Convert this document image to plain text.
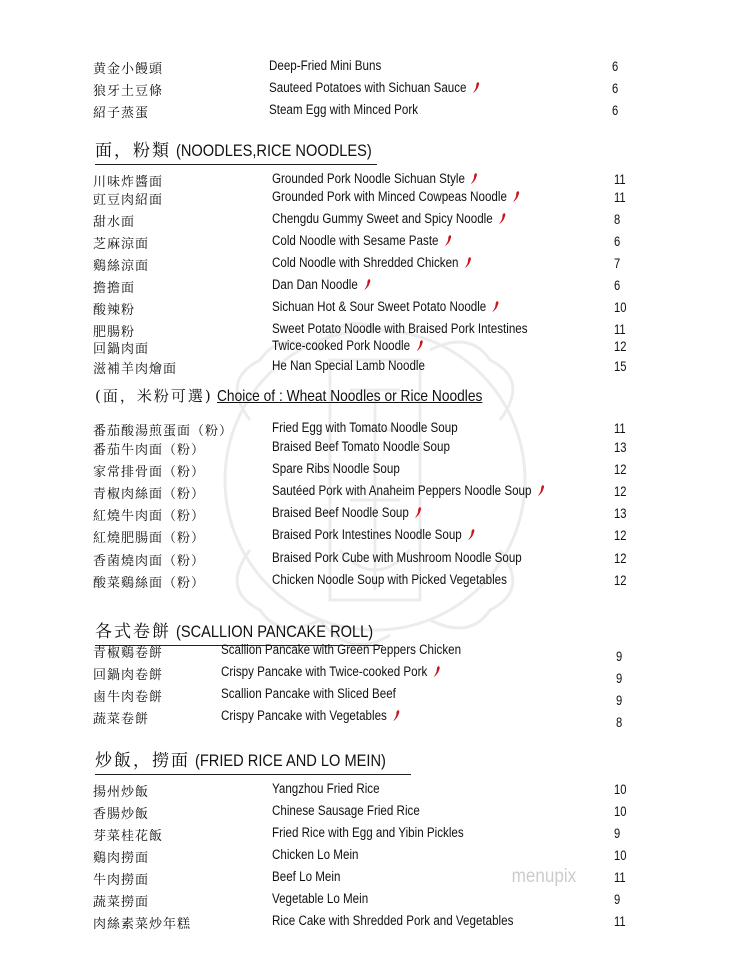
黄金小饅頭	Deep-Fried Mini Buns	6
狼牙土豆條	Sauteed Potatoes with Sichuan Sauce	6
紹子蒸蛋	Steam Egg with Minced Pork	6
面，粉類 (NOODLES,RICE NOODLES)
川味炸醬面	Grounded Pork Noodle Sichuan Style	11
豇豆肉紹面	Grounded Pork with Minced Cowpeas Noodle	11
甜水面	Chengdu Gummy Sweet and Spicy Noodle	8
芝麻涼面	Cold Noodle with Sesame Paste	6
鷄絲涼面	Cold Noodle with Shredded Chicken	7
擔擔面	Dan Dan Noodle	6
酸辣粉	Sichuan Hot & Sour Sweet Potato Noodle	10
肥腸粉	Sweet Potato Noodle with Braised Pork Intestines	11
回鍋肉面	Twice-cooked Pork Noodle	12
滋補羊肉燴面	He Nan Special Lamb Noodle	15
(面，米粉可選) Choice of : Wheat Noodles or Rice Noodles
番茄酸湯煎蛋面（粉）	Fried Egg with Tomato Noodle Soup	11
番茄牛肉面（粉）	Braised Beef Tomato Noodle Soup	13
家常排骨面（粉）	Spare Ribs Noodle Soup	12
青椒肉絲面（粉）	Sautéed Pork with Anaheim Peppers Noodle Soup	12
紅燒牛肉面（粉）	Braised Beef Noodle Soup	13
紅燒肥腸面（粉）	Braised Pork Intestines Noodle Soup	12
香菌燒肉面（粉）	Braised Pork Cube with Mushroom Noodle Soup	12
酸菜鷄絲面（粉）	Chicken Noodle Soup with Picked Vegetables	12
各式卷餅 (SCALLION PANCAKE ROLL)
青椒鷄卷餅	Scallion Pancake with Green Peppers Chicken	9
回鍋肉卷餅	Crispy Pancake with Twice-cooked Pork	9
鹵牛肉卷餅	Scallion Pancake with Sliced Beef	9
蔬菜卷餅	Crispy Pancake with Vegetables	8
炒飯，撈面 (FRIED RICE AND LO MEIN)
揚州炒飯	Yangzhou Fried Rice	10
香腸炒飯	Chinese Sausage Fried Rice	10
芽菜桂花飯	Fried Rice with Egg and Yibin Pickles	9
鷄肉撈面	Chicken Lo Mein	10
牛肉撈面	Beef Lo Mein	11
蔬菜撈面	Vegetable Lo Mein	9
肉絲素菜炒年糕	Rice Cake with Shredded Pork and Vegetables	11
menupix
